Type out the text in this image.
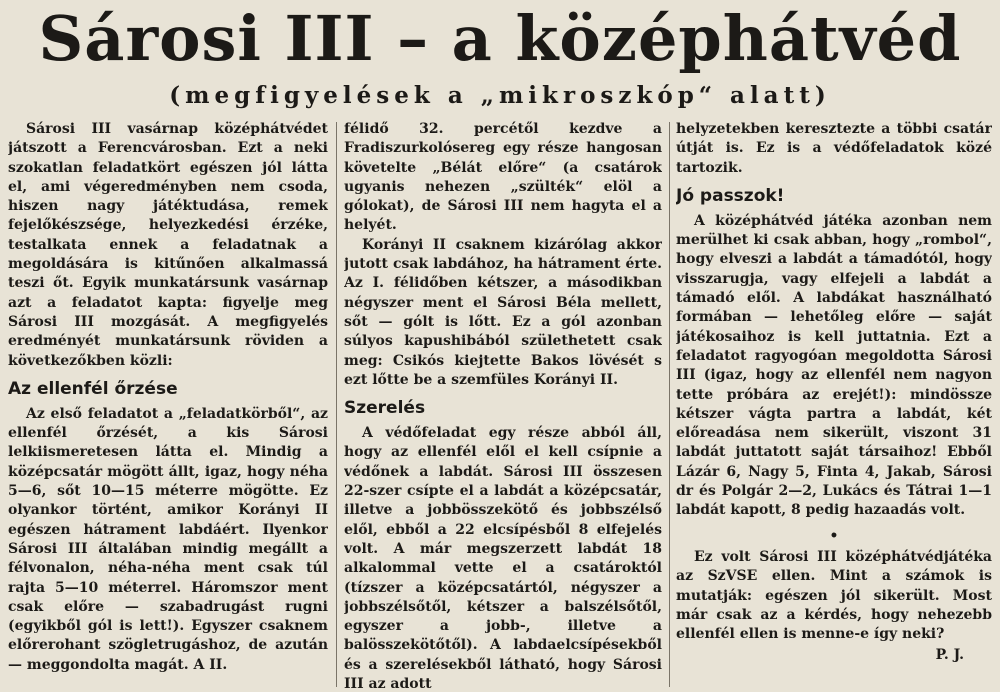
Sárosi III – a középhátvéd
(megfigyelések a „mikroszkóp“ alatt)

Sárosi III vasárnap középhátvédet játszott a Ferencvárosban. Ezt a neki szokatlan feladatkört egészen jól látta el, ami végeredményben nem csoda, hiszen nagy játéktudása, remek fejelőkészsége, helyezkedési érzéke, testalkata ennek a feladatnak a megoldására is kitűnően alkalmassá teszi őt. Egyik munkatársunk vasárnap azt a feladatot kapta: figyelje meg Sárosi III mozgását. A megfigyelés eredményét munkatársunk röviden a következőkben közli:

Az ellenfél őrzése

Az első feladatot a „feladatkörből“, az ellenfél őrzését, a kis Sárosi lelkiismeretesen látta el. Mindig a középcsatár mögött állt, igaz, hogy néha 5—6, sőt 10—15 méterre mögötte. Ez olyankor történt, amikor Korányi II egészen hátrament labdáért. Ilyenkor Sárosi III általában mindig megállt a félvonalon, néha-néha ment csak túl rajta 5—10 méterrel. Háromszor ment csak előre — szabadrugást rugni (egyikből gól is lett!). Egyszer csaknem előrerohant szögletrugáshoz, de azután — meggondolta magát. A II.

félidő 32. percétől kezdve a Fradiszurkolósereg egy része hangosan követelte „Bélát előre“ (a csatárok ugyanis nehezen „szülték“ elöl a gólokat), de Sárosi III nem hagyta el a helyét.

Korányi II csaknem kizárólag akkor jutott csak labdához, ha hátrament érte. Az I. félidőben kétszer, a másodikban négyszer ment el Sárosi Béla mellett, sőt — gólt is lőtt. Ez a gól azonban súlyos kapushibából születhetett csak meg: Csikós kiejtette Bakos lövését s ezt lőtte be a szemfüles Korányi II.

Szerelés

A védőfeladat egy része abból áll, hogy az ellenfél elől el kell csípnie a védőnek a labdát. Sárosi III összesen 22-szer csípte el a labdát a középcsatár, illetve a jobbösszekötő és jobbszélső elől, ebből a 22 elcsípésből 8 elfejelés volt. A már megszerzett labdát 18 alkalommal vette el a csatároktól (tízszer a középcsatártól, négyszer a jobbszélsőtől, kétszer a balszélsőtől, egyszer a jobb-, illetve a balösszekötőtől). A labdaelcsípésekből és a szerelésekből látható, hogy Sárosi III az adott

helyzetekben keresztezte a többi csatár útját is. Ez is a védőfeladatok közé tartozik.

Jó passzok!

A középhátvéd játéka azonban nem merülhet ki csak abban, hogy „rombol“, hogy elveszi a labdát a támadótól, hogy visszarugja, vagy elfejeli a labdát a támadó elől. A labdákat használható formában — lehetőleg előre — saját játékosaihoz is kell juttatnia. Ezt a feladatot ragyogóan megoldotta Sárosi III (igaz, hogy az ellenfél nem nagyon tette próbára az erejét!): mindössze kétszer vágta partra a labdát, két előreadása nem sikerült, viszont 31 labdát juttatott saját társaihoz! Ebből Lázár 6, Nagy 5, Finta 4, Jakab, Sárosi dr és Polgár 2—2, Lukács és Tátrai 1—1 labdát kapott, 8 pedig hazaadás volt.

•

Ez volt Sárosi III középhátvédjátéka az SzVSE ellen. Mint a számok is mutatják: egészen jól sikerült. Most már csak az a kérdés, hogy nehezebb ellenfél ellen is menne-e így neki?

P. J.
